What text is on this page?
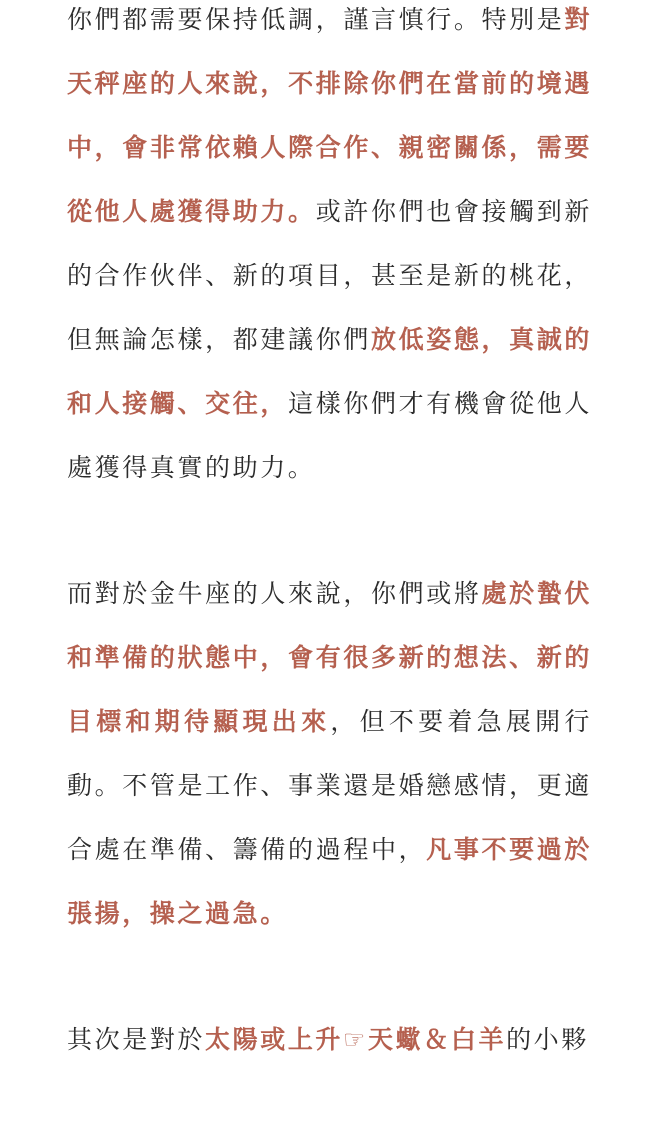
你們都需要保持低調，謹言慎行。特別是對天秤座的人來說，不排除你們在當前的境遇中，會非常依賴人際合作、親密關係，需要從他人處獲得助力。或許你們也會接觸到新的合作伙伴、新的項目，甚至是新的桃花，但無論怎樣，都建議你們放低姿態，真誠的和人接觸、交往，這樣你們才有機會從他人處獲得真實的助力。

而對於金牛座的人來說，你們或將處於蟄伏和準備的狀態中，會有很多新的想法、新的目標和期待顯現出來，但不要着急展開行動。不管是工作、事業還是婚戀感情，更適合處在準備、籌備的過程中，凡事不要過於張揚，操之過急。

其次是對於太陽或上升☞天蠍＆白羊的小夥
